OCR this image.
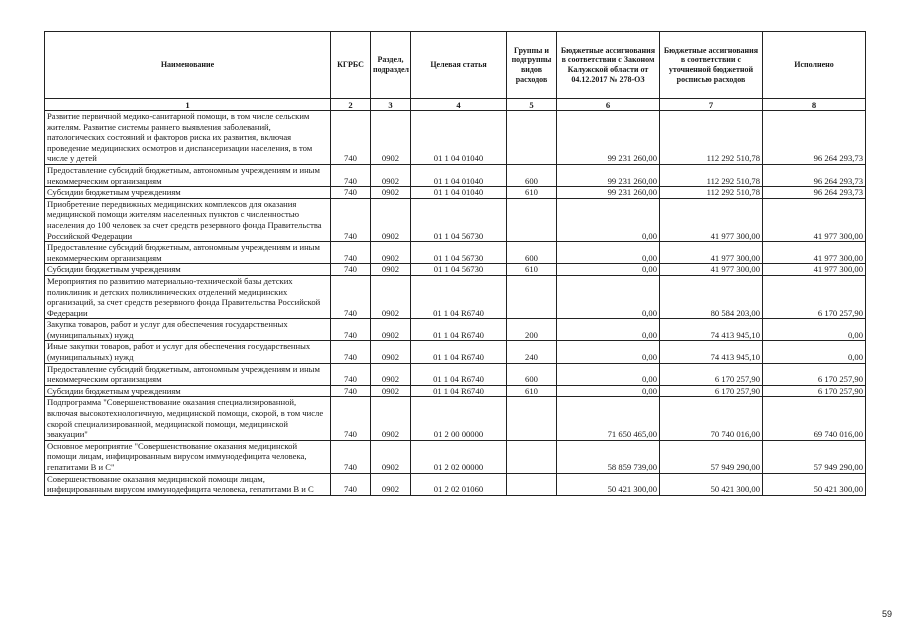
Наименование	КГРБС	Раздел, подраздел	Целевая статья	Группы и подгруппы видов расходов	Бюджетные ассигнования в соответствии с Законом Калужской области от 04.12.2017 № 278-ОЗ	Бюджетные ассигнования в соответствии с уточненной бюджетной росписью расходов	Исполнено
1	2	3	4	5	6	7	8
Развитие первичной медико-санитарной помощи, в том числе сельским жителям. Развитие системы раннего выявления заболеваний, патологических состояний и факторов риска их развития, включая проведение медицинских осмотров и диспансеризации населения, в том числе у детей	740	0902	01 1 04 01040		99 231 260,00	112 292 510,78	96 264 293,73
Предоставление субсидий бюджетным, автономным учреждениям и иным некоммерческим организациям	740	0902	01 1 04 01040	600	99 231 260,00	112 292 510,78	96 264 293,73
Субсидии бюджетным учреждениям	740	0902	01 1 04 01040	610	99 231 260,00	112 292 510,78	96 264 293,73
Приобретение передвижных медицинских комплексов для оказания медицинской помощи жителям населенных пунктов с численностью населения до 100 человек за счет средств резервного фонда Правительства Российской Федерации	740	0902	01 1 04 56730		0,00	41 977 300,00	41 977 300,00
Предоставление субсидий бюджетным, автономным учреждениям и иным некоммерческим организациям	740	0902	01 1 04 56730	600	0,00	41 977 300,00	41 977 300,00
Субсидии бюджетным учреждениям	740	0902	01 1 04 56730	610	0,00	41 977 300,00	41 977 300,00
Мероприятия по развитию материально-технической базы детских поликлиник и детских поликлинических отделений медицинских организаций, за счет средств резервного фонда Правительства Российской Федерации	740	0902	01 1 04 R6740		0,00	80 584 203,00	6 170 257,90
Закупка товаров, работ и услуг для обеспечения государственных (муниципальных) нужд	740	0902	01 1 04 R6740	200	0,00	74 413 945,10	0,00
Иные закупки товаров, работ и услуг для обеспечения государственных (муниципальных) нужд	740	0902	01 1 04 R6740	240	0,00	74 413 945,10	0,00
Предоставление субсидий бюджетным, автономным учреждениям и иным некоммерческим организациям	740	0902	01 1 04 R6740	600	0,00	6 170 257,90	6 170 257,90
Субсидии бюджетным учреждениям	740	0902	01 1 04 R6740	610	0,00	6 170 257,90	6 170 257,90
Подпрограмма "Совершенствование оказания специализированной, включая высокотехнологичную, медицинской помощи, скорой, в том числе скорой специализированной, медицинской помощи, медицинской эвакуации"	740	0902	01 2 00 00000		71 650 465,00	70 740 016,00	69 740 016,00
Основное мероприятие "Совершенствование оказания медицинской помощи лицам, инфицированным вирусом иммунодефицита человека, гепатитами В и С"	740	0902	01 2 02 00000		58 859 739,00	57 949 290,00	57 949 290,00
Совершенствование оказания медицинской помощи лицам, инфицированным вирусом иммунодефицита человека, гепатитами В и С	740	0902	01 2 02 01060		50 421 300,00	50 421 300,00	50 421 300,00
59
